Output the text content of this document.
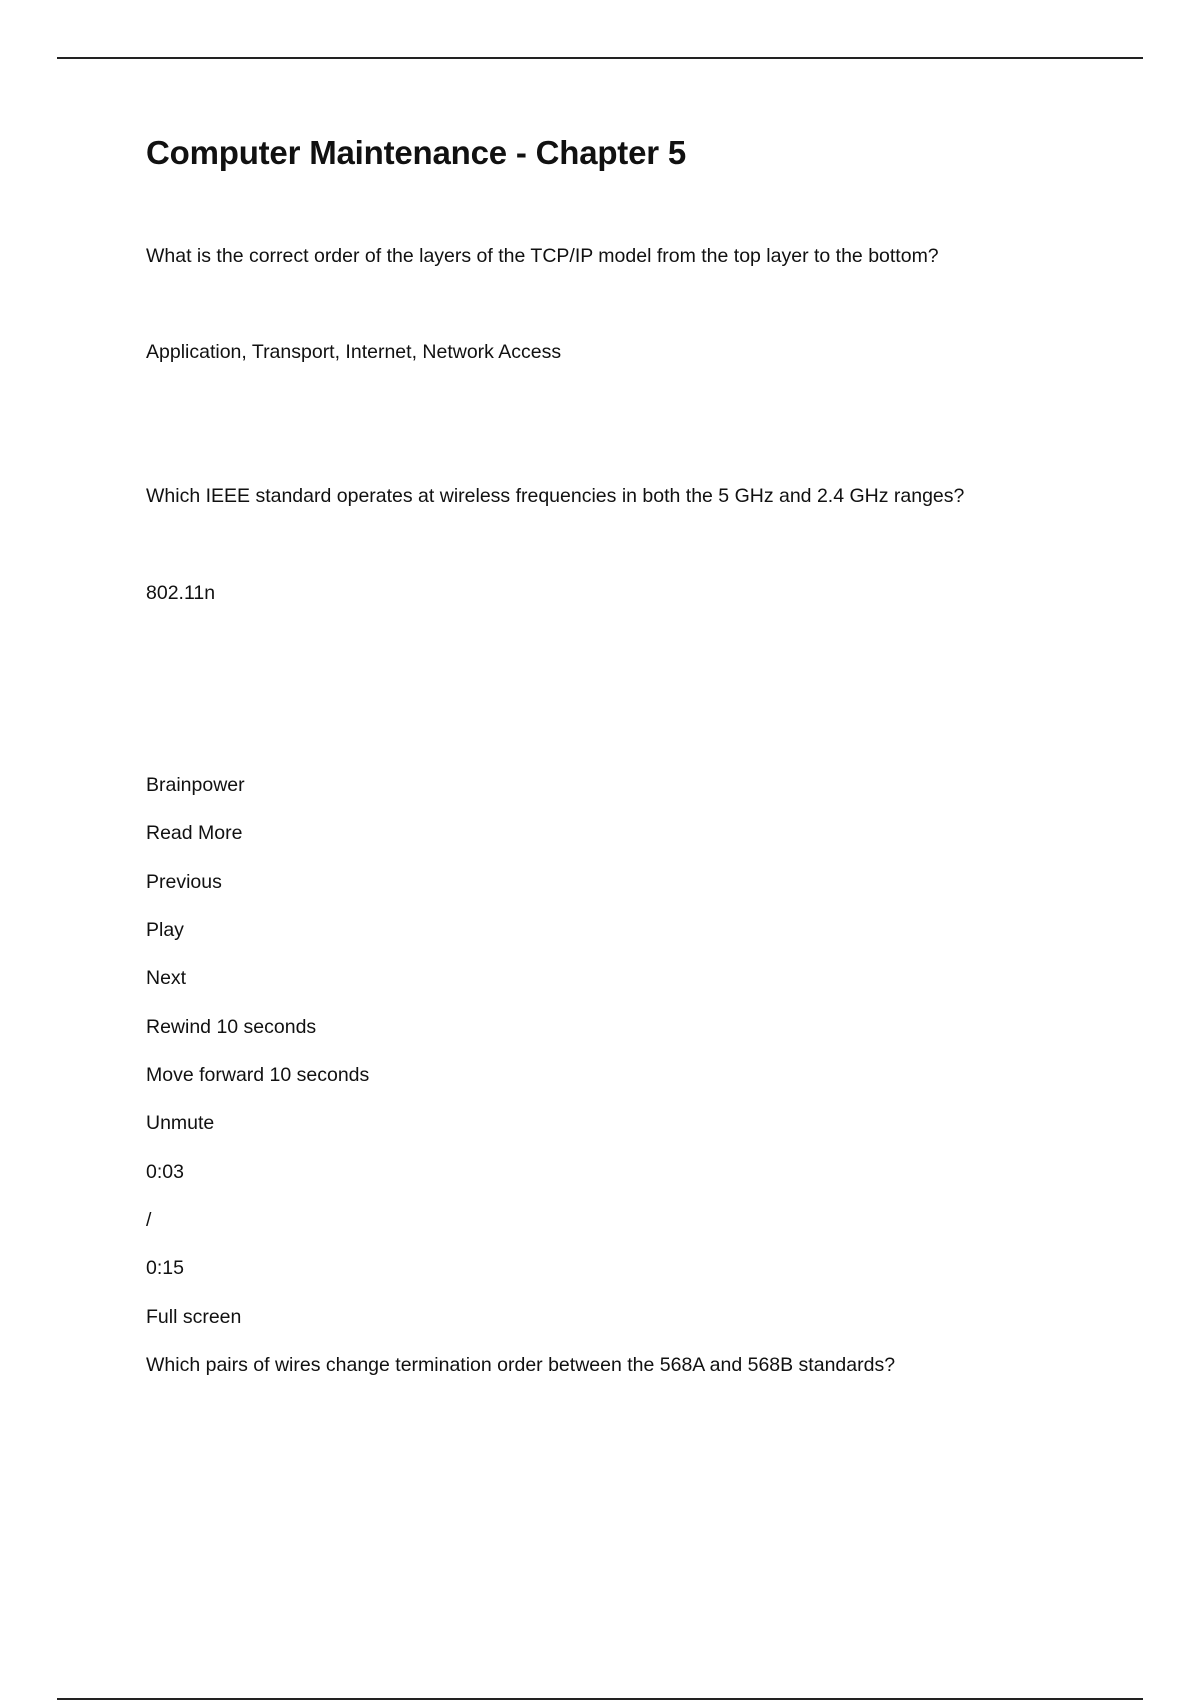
Computer Maintenance - Chapter 5

What is the correct order of the layers of the TCP/IP model from the top layer to the bottom?

Application, Transport, Internet, Network Access

Which IEEE standard operates at wireless frequencies in both the 5 GHz and 2.4 GHz ranges?

802.11n

Brainpower

Read More

Previous

Play

Next

Rewind 10 seconds

Move forward 10 seconds

Unmute

0:03

/

0:15

Full screen

Which pairs of wires change termination order between the 568A and 568B standards?
